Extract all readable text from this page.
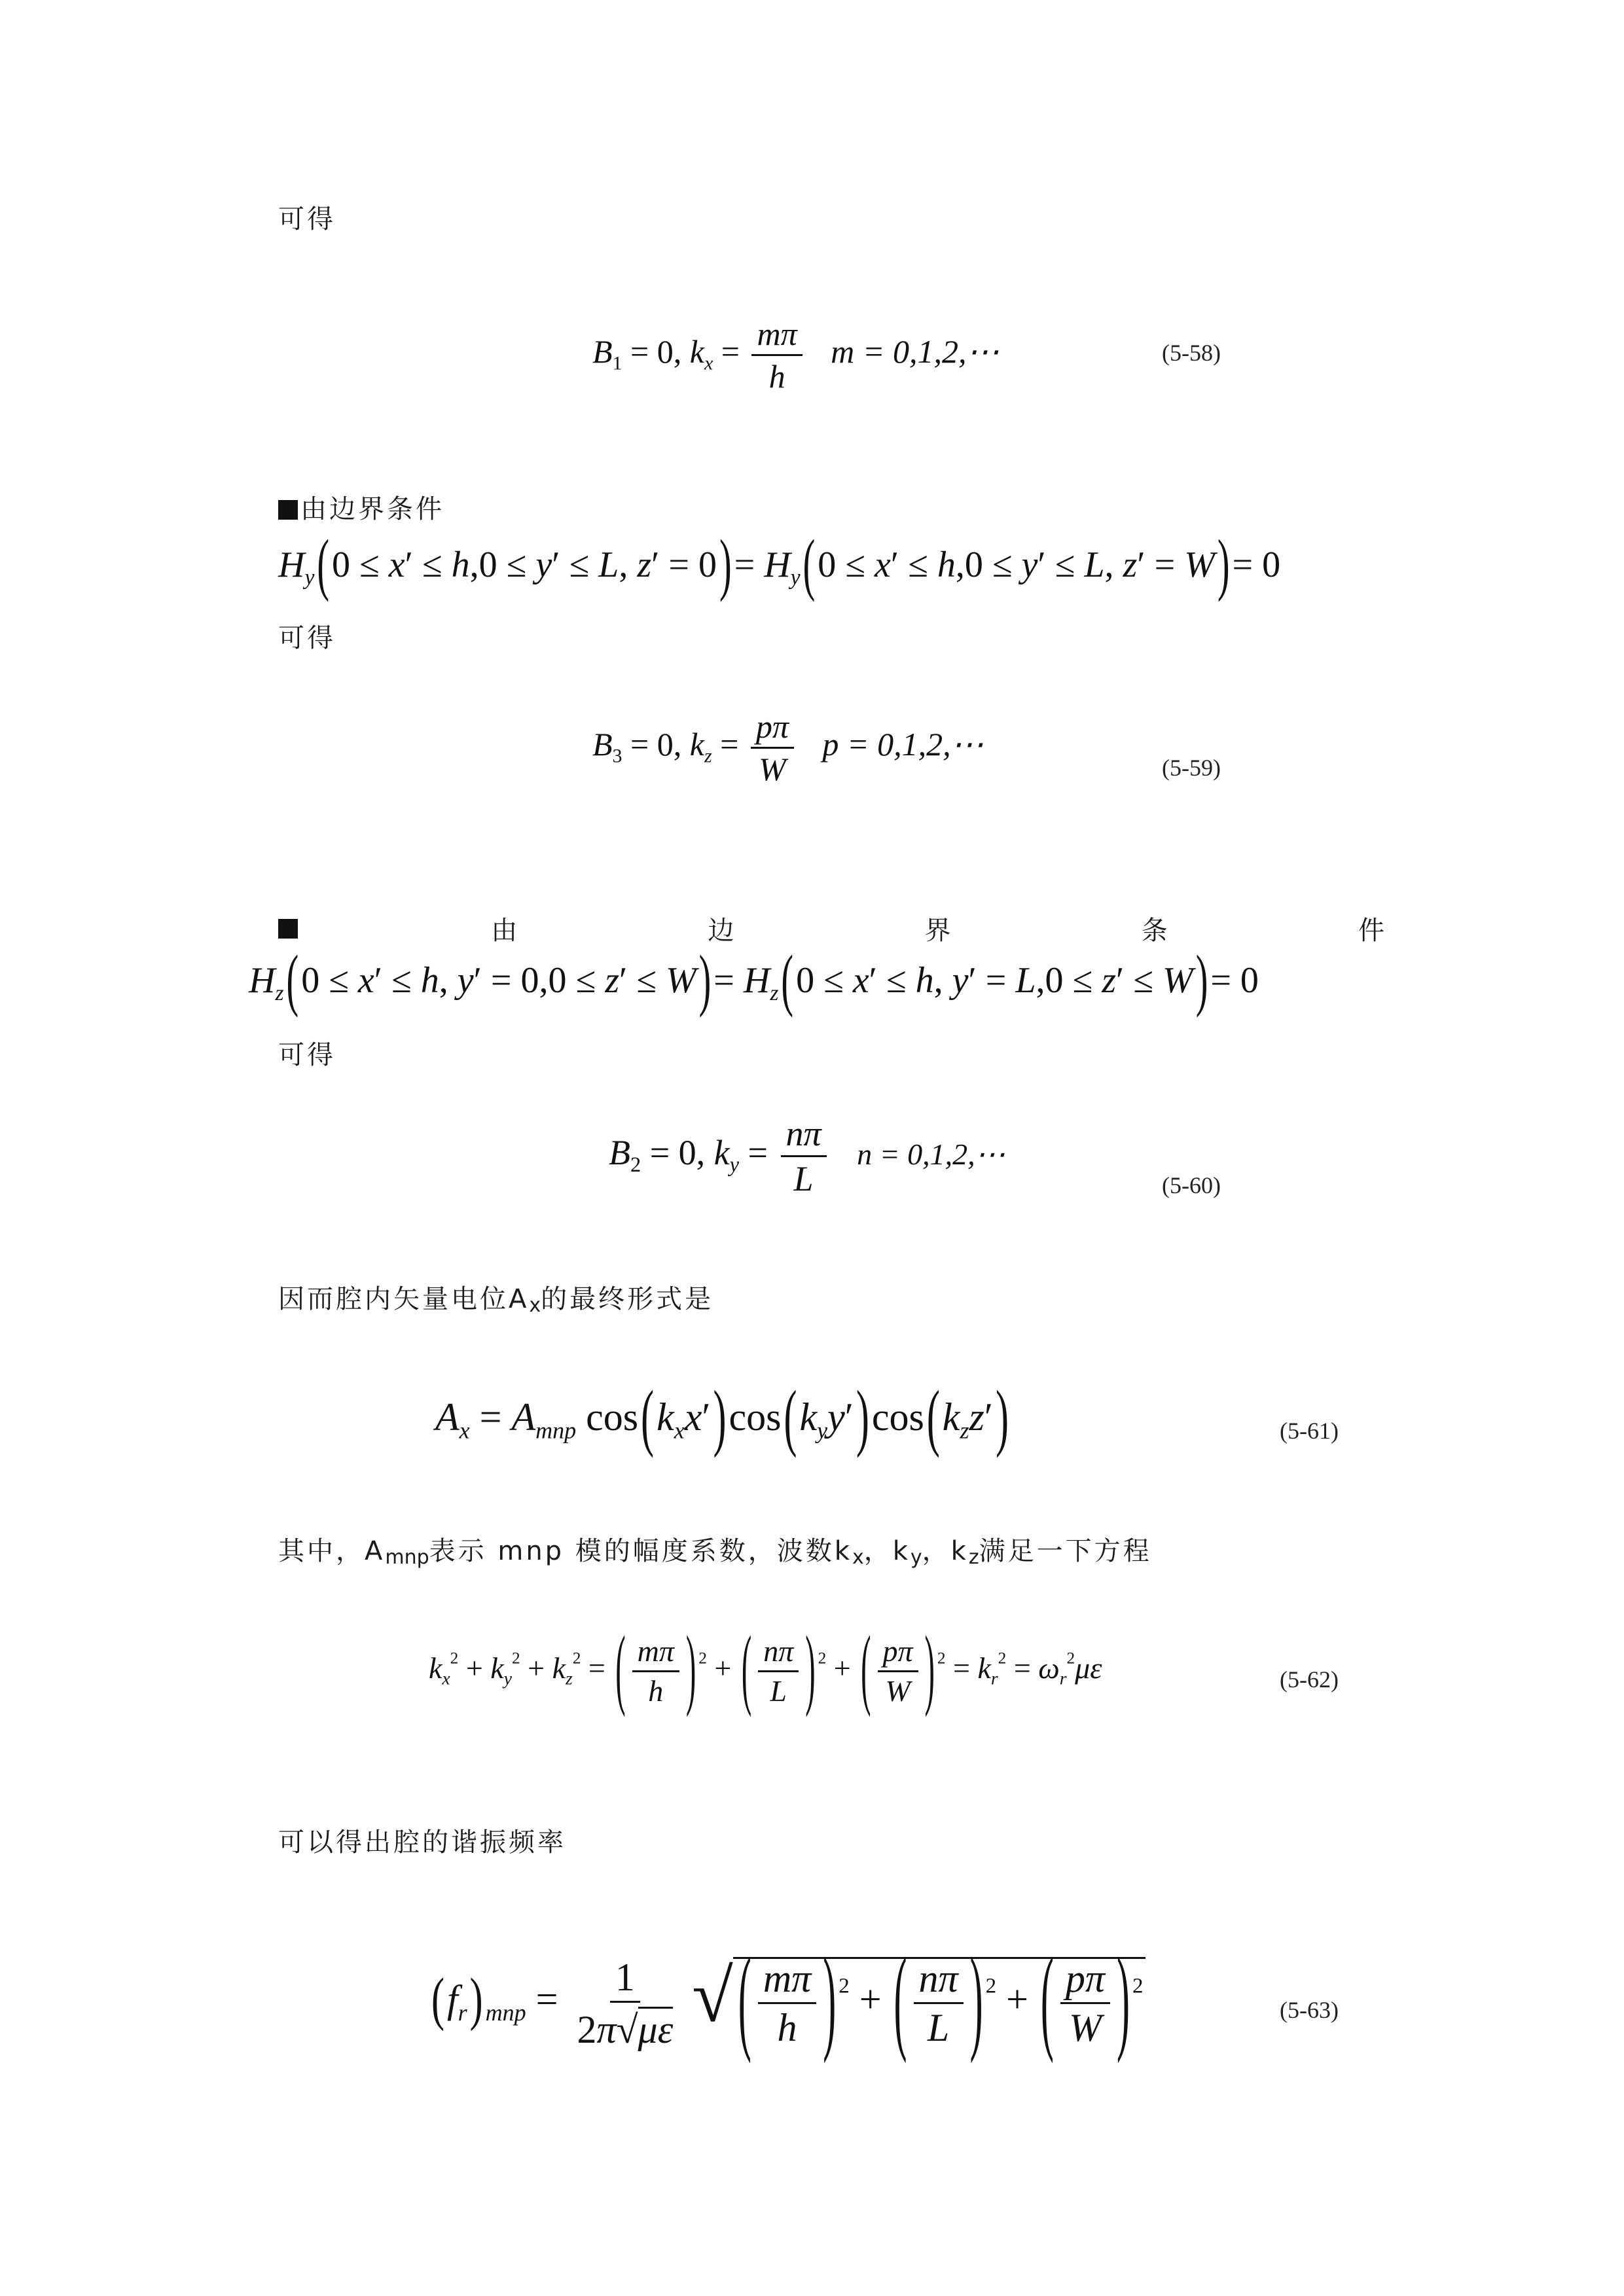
可得
$B_1 = 0$, $k_x = \frac{m\pi}{h}$ m = 0,1,2,⋯	(5-58)
由边界条件
$H_y(0 \le x' \le h,0 \le y' \le L$, $z' = 0)= H_y(0 \le x' \le h,0 \le y' \le L$, z′ = W)= 0
可得
$B_3 = 0$, $k_z = \frac{p\pi}{W}$ p = 0,1,2,⋯
(5-59)
由	边	界	条	件
$H_z(0 \le x' \le h$, $y' = 0,0 \le z' \le W)= H_z(0 \le x' \le h$, y′ = L,0 ≤ z′ ≤ W)= 0
可得
$B_2 = 0$, $k_y = \frac{n\pi}{L}$ n = 0,1,2,⋯
(5-60)
因而腔内矢量电位$A_x$的最终形式是
$A_x = A_{mnp}$ $\cos(k_xx')\cos(k_yy')\cos(k_zz')$	(5-61)
其中，Amnp表示 mnp 模的幅度系数，波数kx，ky，kz满足一下方程
$k_x^2 + k_y^2 + k_z^2$ = ( $\frac{m\pi}{h}$ ) $^2$ + ( $\frac{n\pi}{L}$ ) $^2$ + ( $\frac{p\pi}{W}$ ) $^2 = k_r^2 = \omega_r^2\mu\varepsilon$	(5-62)
可以得出腔的谐振频率
$(f_r) _{mnp} = \frac{1}{2\pi√\mu\varepsilon}$ √ ( $\frac{m\pi}{h}$ ) $^2$ + ( $\frac{n\pi}{L}$ ) $^2$ + ( $\frac{p\pi}{W}$ ) $^2$
(5-63)
